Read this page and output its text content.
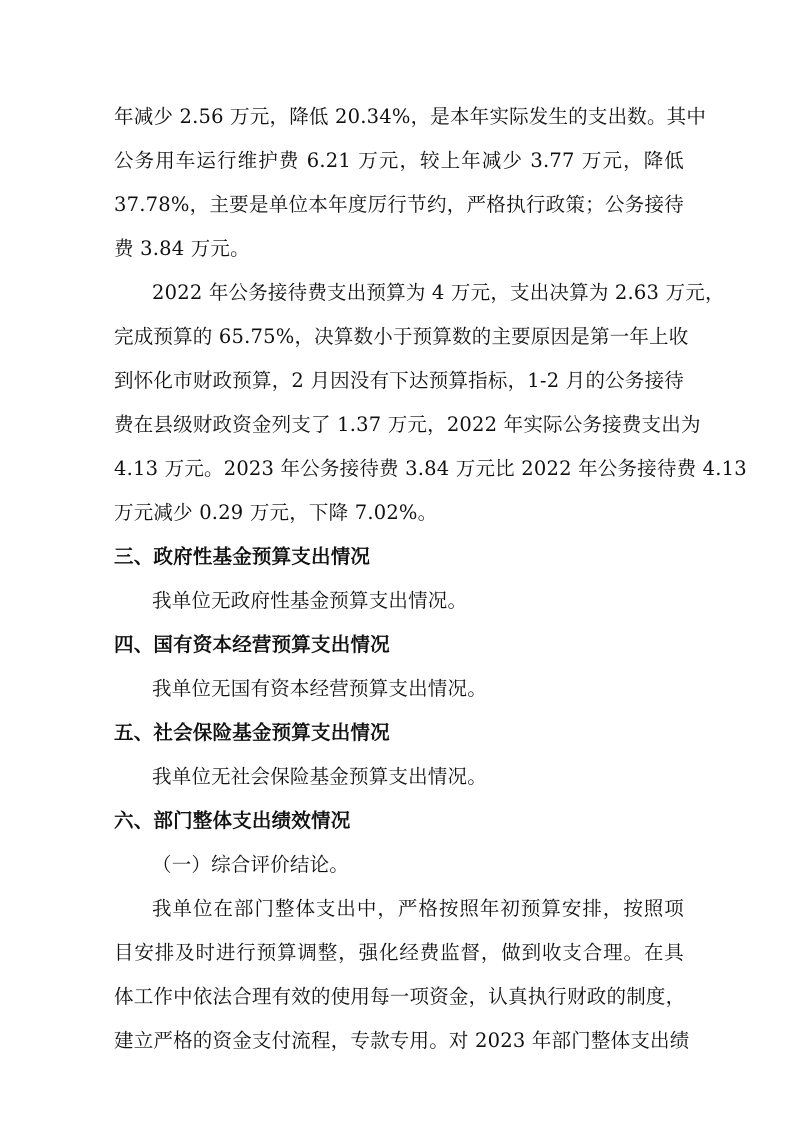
年减少 2.56 万元，降低 20.34%，是本年实际发生的支出数。其中
公务用车运行维护费 6.21 万元，较上年减少 3.77 万元，降低
37.78%，主要是单位本年度厉行节约，严格执行政策；公务接待
费 3.84 万元。
2022 年公务接待费支出预算为 4 万元，支出决算为 2.63 万元，
完成预算的 65.75%，决算数小于预算数的主要原因是第一年上收
到怀化市财政预算，2 月因没有下达预算指标，1-2 月的公务接待
费在县级财政资金列支了 1.37 万元，2022 年实际公务接费支出为
4.13 万元。2023 年公务接待费 3.84 万元比 2022 年公务接待费 4.13
万元减少 0.29 万元，下降 7.02%。
三、政府性基金预算支出情况
我单位无政府性基金预算支出情况。
四、国有资本经营预算支出情况
我单位无国有资本经营预算支出情况。
五、社会保险基金预算支出情况
我单位无社会保险基金预算支出情况。
六、部门整体支出绩效情况
（一）综合评价结论。
我单位在部门整体支出中，严格按照年初预算安排，按照项
目安排及时进行预算调整，强化经费监督，做到收支合理。在具
体工作中依法合理有效的使用每一项资金，认真执行财政的制度，
建立严格的资金支付流程，专款专用。对 2023 年部门整体支出绩
